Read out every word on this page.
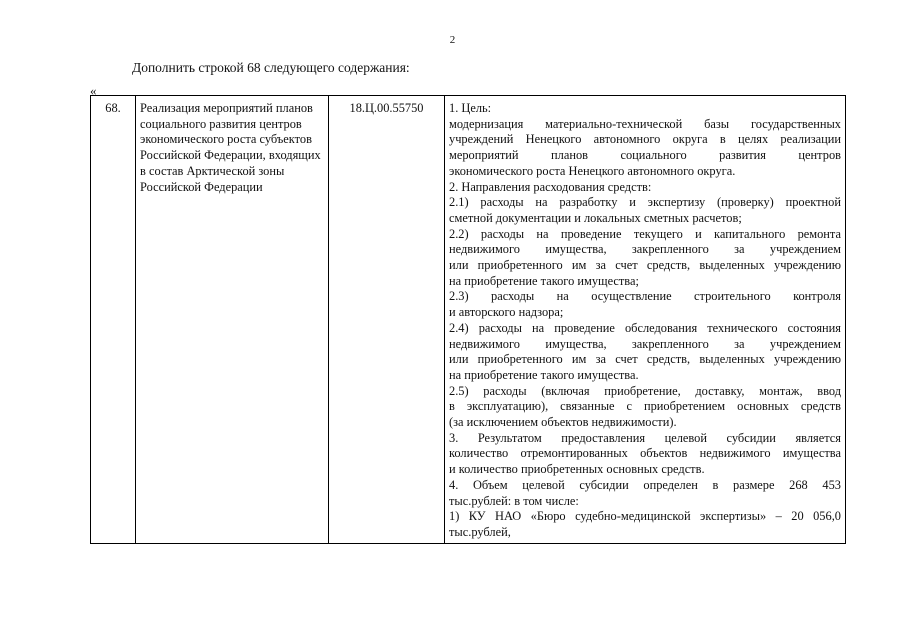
2
Дополнить строкой 68 следующего содержания:
«
68.	Реализация мероприятий планов социального развития центров экономического роста субъектов Российской Федерации, входящих в состав Арктической зоны Российской Федерации	18.Ц.00.55750	1. Цель:

модернизация материально-технической базы государственных

учреждений Ненецкого автономного округа в целях реализации

мероприятий планов социального развития центров

экономического роста Ненецкого автономного округа.

2. Направления расходования средств:

2.1) расходы на разработку и экспертизу (проверку) проектной

сметной документации и локальных сметных расчетов;

2.2) расходы на проведение текущего и капитального ремонта

недвижимого имущества, закрепленного за учреждением

или приобретенного им за счет средств, выделенных учреждению

на приобретение такого имущества;

2.3) расходы на осуществление строительного контроля

и авторского надзора;

2.4) расходы на проведение обследования технического состояния

недвижимого имущества, закрепленного за учреждением

или приобретенного им за счет средств, выделенных учреждению

на приобретение такого имущества.

2.5) расходы (включая приобретение, доставку, монтаж, ввод

в эксплуатацию), связанные с приобретением основных средств

(за исключением объектов недвижимости).

3. Результатом предоставления целевой субсидии является

количество отремонтированных объектов недвижимого имущества

и количество приобретенных основных средств.

4. Объем целевой субсидии определен в размере 268 453

тыс.рублей: в том числе:

1) КУ НАО «Бюро судебно-медицинской экспертизы» – 20 056,0

тыс.рублей,
